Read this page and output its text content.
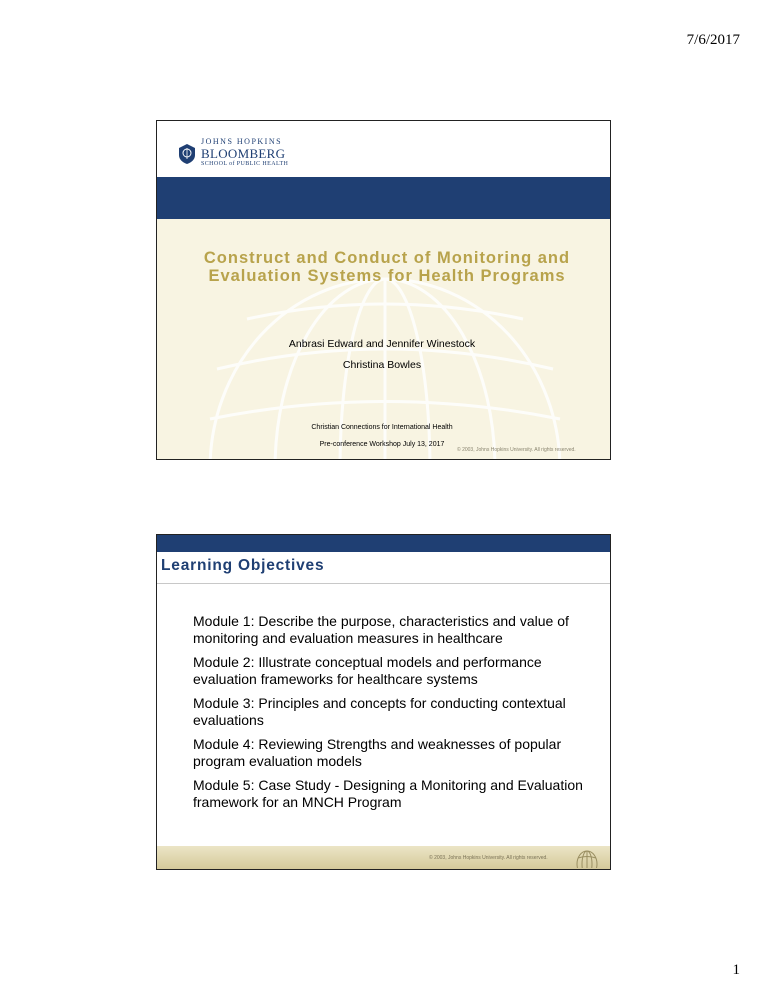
7/6/2017
JOHNS HOPKINS
BLOOMBERG
SCHOOL of PUBLIC HEALTH
Construct and Conduct of Monitoring and
Evaluation Systems for Health Programs
Anbrasi Edward and Jennifer Winestock
Christina Bowles
Christian Connections for International Health
Pre-conference Workshop July 13, 2017
© 2003, Johns Hopkins University. All rights reserved.
Learning Objectives
Module 1: Describe the purpose, characteristics and value of monitoring and evaluation measures in healthcare
Module 2: Illustrate conceptual models and performance evaluation frameworks for healthcare systems
Module 3: Principles and concepts for conducting contextual evaluations
Module 4: Reviewing Strengths and weaknesses of popular program evaluation models
Module 5: Case Study - Designing a Monitoring and Evaluation framework for an MNCH Program
© 2003, Johns Hopkins University. All rights reserved.
1
